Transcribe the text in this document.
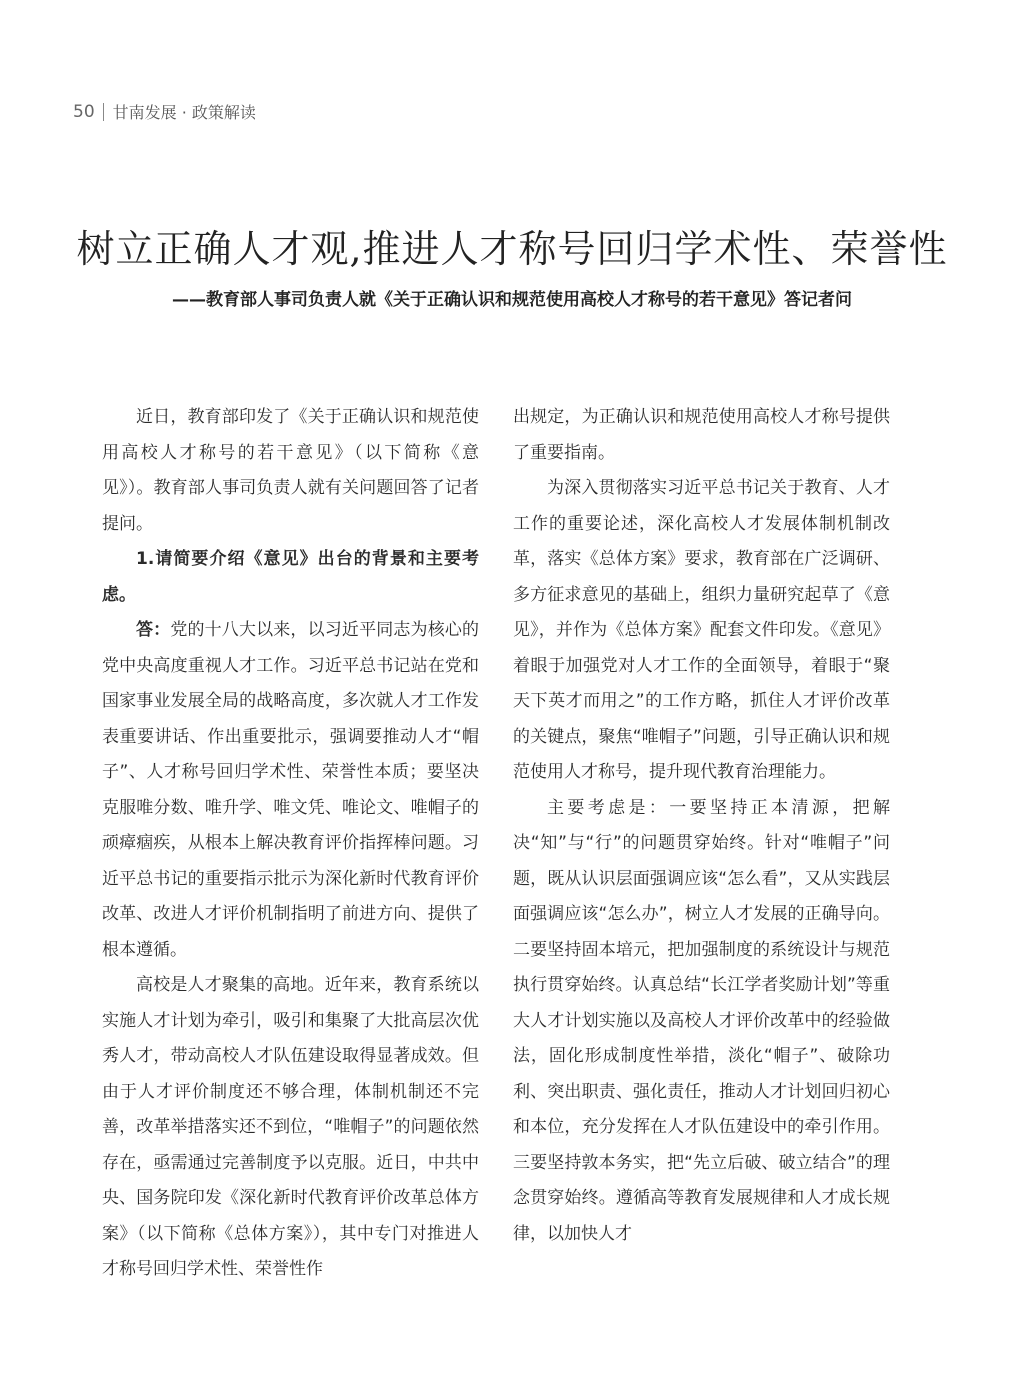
50 甘南发展 · 政策解读
树立正确人才观,推进人才称号回归学术性、荣誉性
——教育部人事司负责人就《关于正确认识和规范使用高校人才称号的若干意见》答记者问

近日，教育部印发了《关于正确认识和规范使用高校人才称号的若干意见》（以下简称《意见》）。教育部人事司负责人就有关问题回答了记者提问。

1.请简要介绍《意见》出台的背景和主要考虑。

答：党的十八大以来，以习近平同志为核心的党中央高度重视人才工作。习近平总书记站在党和国家事业发展全局的战略高度，多次就人才工作发表重要讲话、作出重要批示，强调要推动人才“帽子”、人才称号回归学术性、荣誉性本质；要坚决克服唯分数、唯升学、唯文凭、唯论文、唯帽子的顽瘴痼疾，从根本上解决教育评价指挥棒问题。习近平总书记的重要指示批示为深化新时代教育评价改革、改进人才评价机制指明了前进方向、提供了根本遵循。

高校是人才聚集的高地。近年来，教育系统以实施人才计划为牵引，吸引和集聚了大批高层次优秀人才，带动高校人才队伍建设取得显著成效。但由于人才评价制度还不够合理，体制机制还不完善，改革举措落实还不到位，“唯帽子”的问题依然存在，亟需通过完善制度予以克服。近日，中共中央、国务院印发《深化新时代教育评价改革总体方案》（以下简称《总体方案》），其中专门对推进人才称号回归学术性、荣誉性作

出规定，为正确认识和规范使用高校人才称号提供了重要指南。

为深入贯彻落实习近平总书记关于教育、人才工作的重要论述，深化高校人才发展体制机制改革，落实《总体方案》要求，教育部在广泛调研、多方征求意见的基础上，组织力量研究起草了《意见》，并作为《总体方案》配套文件印发。《意见》着眼于加强党对人才工作的全面领导，着眼于“聚天下英才而用之”的工作方略，抓住人才评价改革的关键点，聚焦“唯帽子”问题，引导正确认识和规范使用人才称号，提升现代教育治理能力。

主要考虑是：一要坚持正本清源，把解决“知”与“行”的问题贯穿始终。针对“唯帽子”问题，既从认识层面强调应该“怎么看”，又从实践层面强调应该“怎么办”，树立人才发展的正确导向。二要坚持固本培元，把加强制度的系统设计与规范执行贯穿始终。认真总结“长江学者奖励计划”等重大人才计划实施以及高校人才评价改革中的经验做法，固化形成制度性举措，淡化“帽子”、破除功利、突出职责、强化责任，推动人才计划回归初心和本位，充分发挥在人才队伍建设中的牵引作用。三要坚持敦本务实，把“先立后破、破立结合”的理念贯穿始终。遵循高等教育发展规律和人才成长规律，以加快人才
